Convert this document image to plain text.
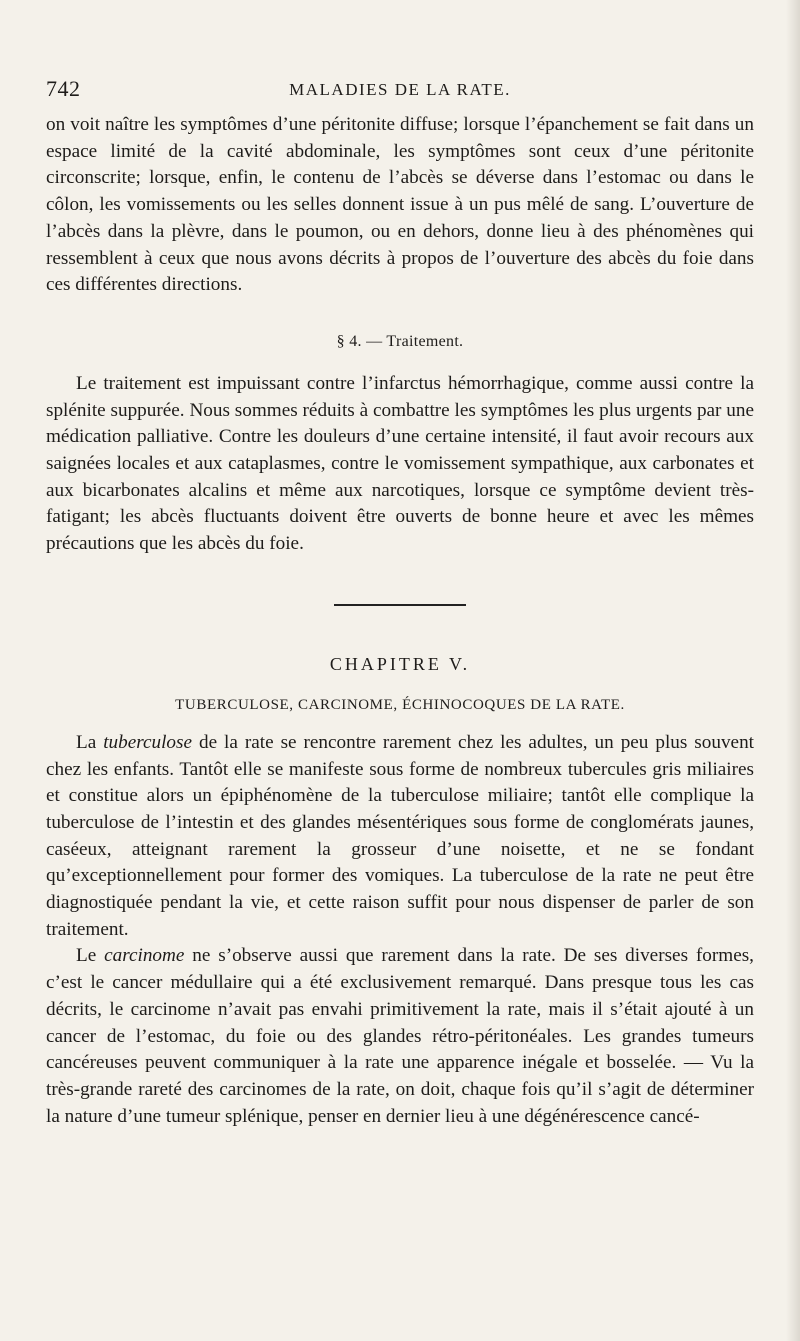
742	MALADIES DE LA RATE.

on voit naître les symptômes d’une péritonite diffuse; lorsque l’épanchement se fait dans un espace limité de la cavité abdominale, les symptômes sont ceux d’une péritonite circonscrite; lorsque, enfin, le contenu de l’abcès se déverse dans l’estomac ou dans le côlon, les vomissements ou les selles donnent issue à un pus mêlé de sang. L’ouverture de l’abcès dans la plèvre, dans le poumon, ou en dehors, donne lieu à des phénomènes qui ressemblent à ceux que nous avons décrits à propos de l’ouverture des abcès du foie dans ces différentes directions.

§ 4. — Traitement.

Le traitement est impuissant contre l’infarctus hémorrhagique, comme aussi contre la splénite suppurée. Nous sommes réduits à combattre les symptômes les plus urgents par une médication palliative. Contre les douleurs d’une certaine intensité, il faut avoir recours aux saignées locales et aux cataplasmes, contre le vomissement sympathique, aux carbonates et aux bicarbonates alcalins et même aux narcotiques, lorsque ce symptôme devient très-fatigant; les abcès fluctuants doivent être ouverts de bonne heure et avec les mêmes précautions que les abcès du foie.

CHAPITRE V.
TUBERCULOSE, CARCINOME, ÉCHINOCOQUES DE LA RATE.

La tuberculose de la rate se rencontre rarement chez les adultes, un peu plus souvent chez les enfants. Tantôt elle se manifeste sous forme de nombreux tubercules gris miliaires et constitue alors un épiphénomène de la tuberculose miliaire; tantôt elle complique la tuberculose de l’intestin et des glandes mésentériques sous forme de conglomérats jaunes, caséeux, atteignant rarement la grosseur d’une noisette, et ne se fondant qu’exceptionnellement pour former des vomiques. La tuberculose de la rate ne peut être diagnostiquée pendant la vie, et cette raison suffit pour nous dispenser de parler de son traitement.

Le carcinome ne s’observe aussi que rarement dans la rate. De ses diverses formes, c’est le cancer médullaire qui a été exclusivement remarqué. Dans presque tous les cas décrits, le carcinome n’avait pas envahi primitivement la rate, mais il s’était ajouté à un cancer de l’estomac, du foie ou des glandes rétro-péritonéales. Les grandes tumeurs cancéreuses peuvent communiquer à la rate une apparence inégale et bosselée. — Vu la très-grande rareté des carcinomes de la rate, on doit, chaque fois qu’il s’agit de déterminer la nature d’une tumeur splénique, penser en dernier lieu à une dégénérescence cancé-
